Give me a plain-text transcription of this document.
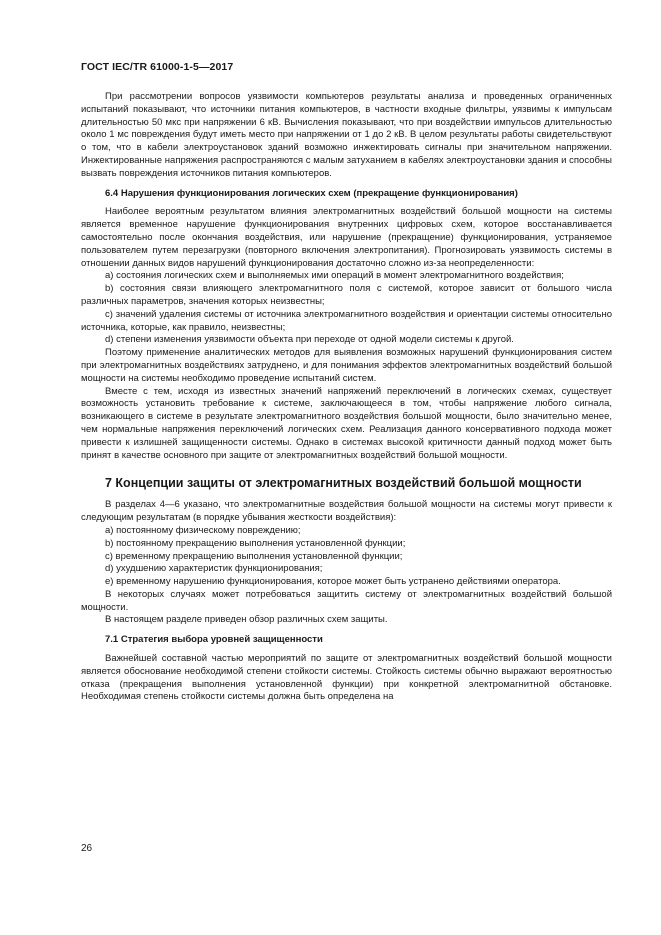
ГОСТ IEC/TR 61000-1-5—2017

При рассмотрении вопросов уязвимости компьютеров результаты анализа и проведенных ограниченных испытаний показывают, что источники питания компьютеров, в частности входные фильтры, уязвимы к импульсам длительностью 50 мкс при напряжении 6 кВ. Вычисления показывают, что при воздействии импульсов длительностью около 1 мс повреждения будут иметь место при напряжении от 1 до 2 кВ. В целом результаты работы свидетельствуют о том, что в кабели электроустановок зданий возможно инжектировать сигналы при значительном напряжении. Инжектированные напряжения распространяются с малым затуханием в кабелях электроустановки здания и способны вызвать повреждения источников питания компьютеров.

6.4 Нарушения функционирования логических схем (прекращение функционирования)

Наиболее вероятным результатом влияния электромагнитных воздействий большой мощности на системы является временное нарушение функционирования внутренних цифровых схем, которое восстанавливается самостоятельно после окончания воздействия, или нарушение (прекращение) функционирования, устраняемое пользователем путем перезагрузки (повторного включения электропитания). Прогнозировать уязвимость системы в отношении данных видов нарушений функционирования достаточно сложно из-за неопределенности:

a) состояния логических схем и выполняемых ими операций в момент электромагнитного воздействия;

b) состояния связи влияющего электромагнитного поля с системой, которое зависит от большого числа различных параметров, значения которых неизвестны;

c) значений удаления системы от источника электромагнитного воздействия и ориентации системы относительно источника, которые, как правило, неизвестны;

d) степени изменения уязвимости объекта при переходе от одной модели системы к другой.

Поэтому применение аналитических методов для выявления возможных нарушений функционирования систем при электромагнитных воздействиях затруднено, и для понимания эффектов электромагнитных воздействий большой мощности на системы необходимо проведение испытаний систем.

Вместе с тем, исходя из известных значений напряжений переключений в логических схемах, существует возможность установить требование к системе, заключающееся в том, чтобы напряжение любого сигнала, возникающего в системе в результате электромагнитного воздействия большой мощности, было значительно менее, чем нормальные напряжения переключений логических схем. Реализация данного консервативного подхода может привести к излишней защищенности системы. Однако в системах высокой критичности данный подход может быть принят в качестве основного при защите от электромагнитных воздействий большой мощности.

7 Концепции защиты от электромагнитных воздействий большой мощности

В разделах 4—6 указано, что электромагнитные воздействия большой мощности на системы могут привести к следующим результатам (в порядке убывания жесткости воздействия):

a) постоянному физическому повреждению;

b) постоянному прекращению выполнения установленной функции;

c) временному прекращению выполнения установленной функции;

d) ухудшению характеристик функционирования;

e) временному нарушению функционирования, которое может быть устранено действиями оператора.

В некоторых случаях может потребоваться защитить систему от электромагнитных воздействий большой мощности.

В настоящем разделе приведен обзор различных схем защиты.

7.1 Стратегия выбора уровней защищенности

Важнейшей составной частью мероприятий по защите от электромагнитных воздействий большой мощности является обоснование необходимой степени стойкости системы. Стойкость системы обычно выражают вероятностью отказа (прекращения выполнения установленной функции) при конкретной электромагнитной обстановке. Необходимая степень стойкости системы должна быть определена на

26
